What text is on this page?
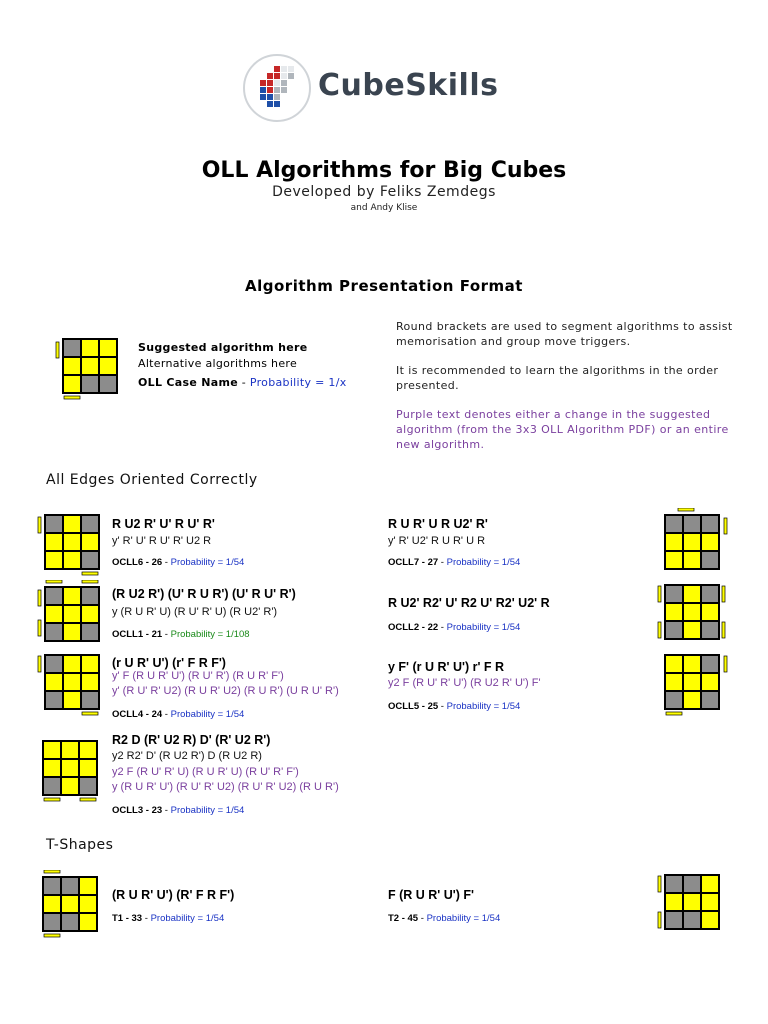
CubeSkills
OLL Algorithms for Big Cubes
Developed by Feliks Zemdegs
and Andy Klise
Algorithm Presentation Format
Suggested algorithm here
Alternative algorithms here
OLL Case Name - Probability = 1/x

Round brackets are used to segment algorithms to assist memorisation and group move triggers.

It is recommended to learn the algorithms in the order presented.

Purple text denotes either a change in the suggested algorithm (from the 3x3 OLL Algorithm PDF) or an entire new algorithm.

All Edges Oriented Correctly
R U2 R' U' R U' R'
y' R' U' R U' R' U2 R
OCLL6 - 26 - Probability = 1/54
R U R' U R U2' R'
y' R' U2' R U R' U R
OCLL7 - 27 - Probability = 1/54
(R U2 R') (U' R U R') (U' R U' R')
y (R U R' U) (R U' R' U) (R U2' R')
OCLL1 - 21 - Probability = 1/108
R U2' R2' U' R2 U' R2' U2' R
OCLL2 - 22 - Probability = 1/54
(r U R' U') (r' F R F')
y' F (R U R' U') (R U' R') (R U R' F')
y' (R U' R' U2) (R U R' U2) (R U R') (U R U' R')
OCLL4 - 24 - Probability = 1/54
y F' (r U R' U') r' F R
y2 F (R U' R' U') (R U2 R' U') F'
OCLL5 - 25 - Probability = 1/54
R2 D (R' U2 R) D' (R' U2 R')
y2 R2' D' (R U2 R') D (R U2 R)
y2 F (R U' R' U) (R U R' U) (R U' R' F')
y (R U R' U') (R U' R' U2) (R U' R' U2) (R U R')
OCLL3 - 23 - Probability = 1/54
T-Shapes
(R U R' U') (R' F R F')
T1 - 33 - Probability = 1/54
F (R U R' U') F'
T2 - 45 - Probability = 1/54
